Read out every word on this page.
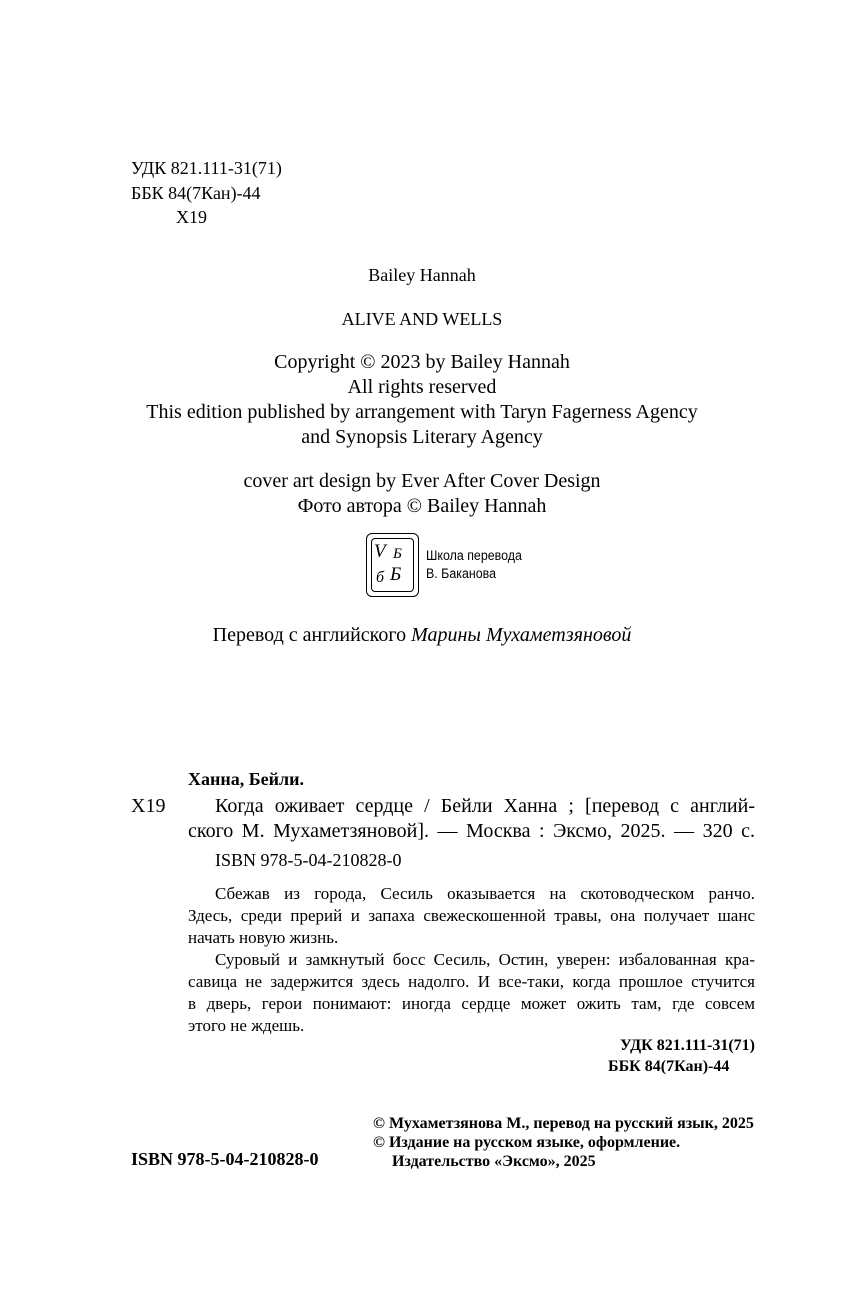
УДК 821.111-31(71)

ББК 84(7Кан)-44

Х19

Bailey Hannah

ALIVE AND WELLS

Copyright © 2023 by Bailey Hannah

All rights reserved

This edition published by arrangement with Taryn Fagerness Agency

and Synopsis Literary Agency

cover art design by Ever After Cover Design

Фото автора © Bailey Hannah

V Б
б Б
Школа перевода
В. Баканова

Перевод с английского Марины Мухаметзяновой

Ханна, Бейли.

Х19 Когда оживает сердце / Бейли Ханна ; [перевод с англий-

ского М. Мухаметзяновой]. — Москва : Эксмо, 2025. — 320 с.

ISBN 978-5-04-210828-0

Сбежав из города, Сесиль оказывается на скотоводческом ранчо.

Здесь, среди прерий и запаха свежескошенной травы, она получает шанс

начать новую жизнь.

Суровый и замкнутый босс Сесиль, Остин, уверен: избалованная кра-

савица не задержится здесь надолго. И все-таки, когда прошлое стучится

в дверь, герои понимают: иногда сердце может ожить там, где совсем

этого не ждешь.

УДК 821.111-31(71)

ББК 84(7Кан)-44

© Мухаметзянова М., перевод на русский язык, 2025

© Издание на русском языке, оформление.

Издательство «Эксмо», 2025

ISBN 978-5-04-210828-0
